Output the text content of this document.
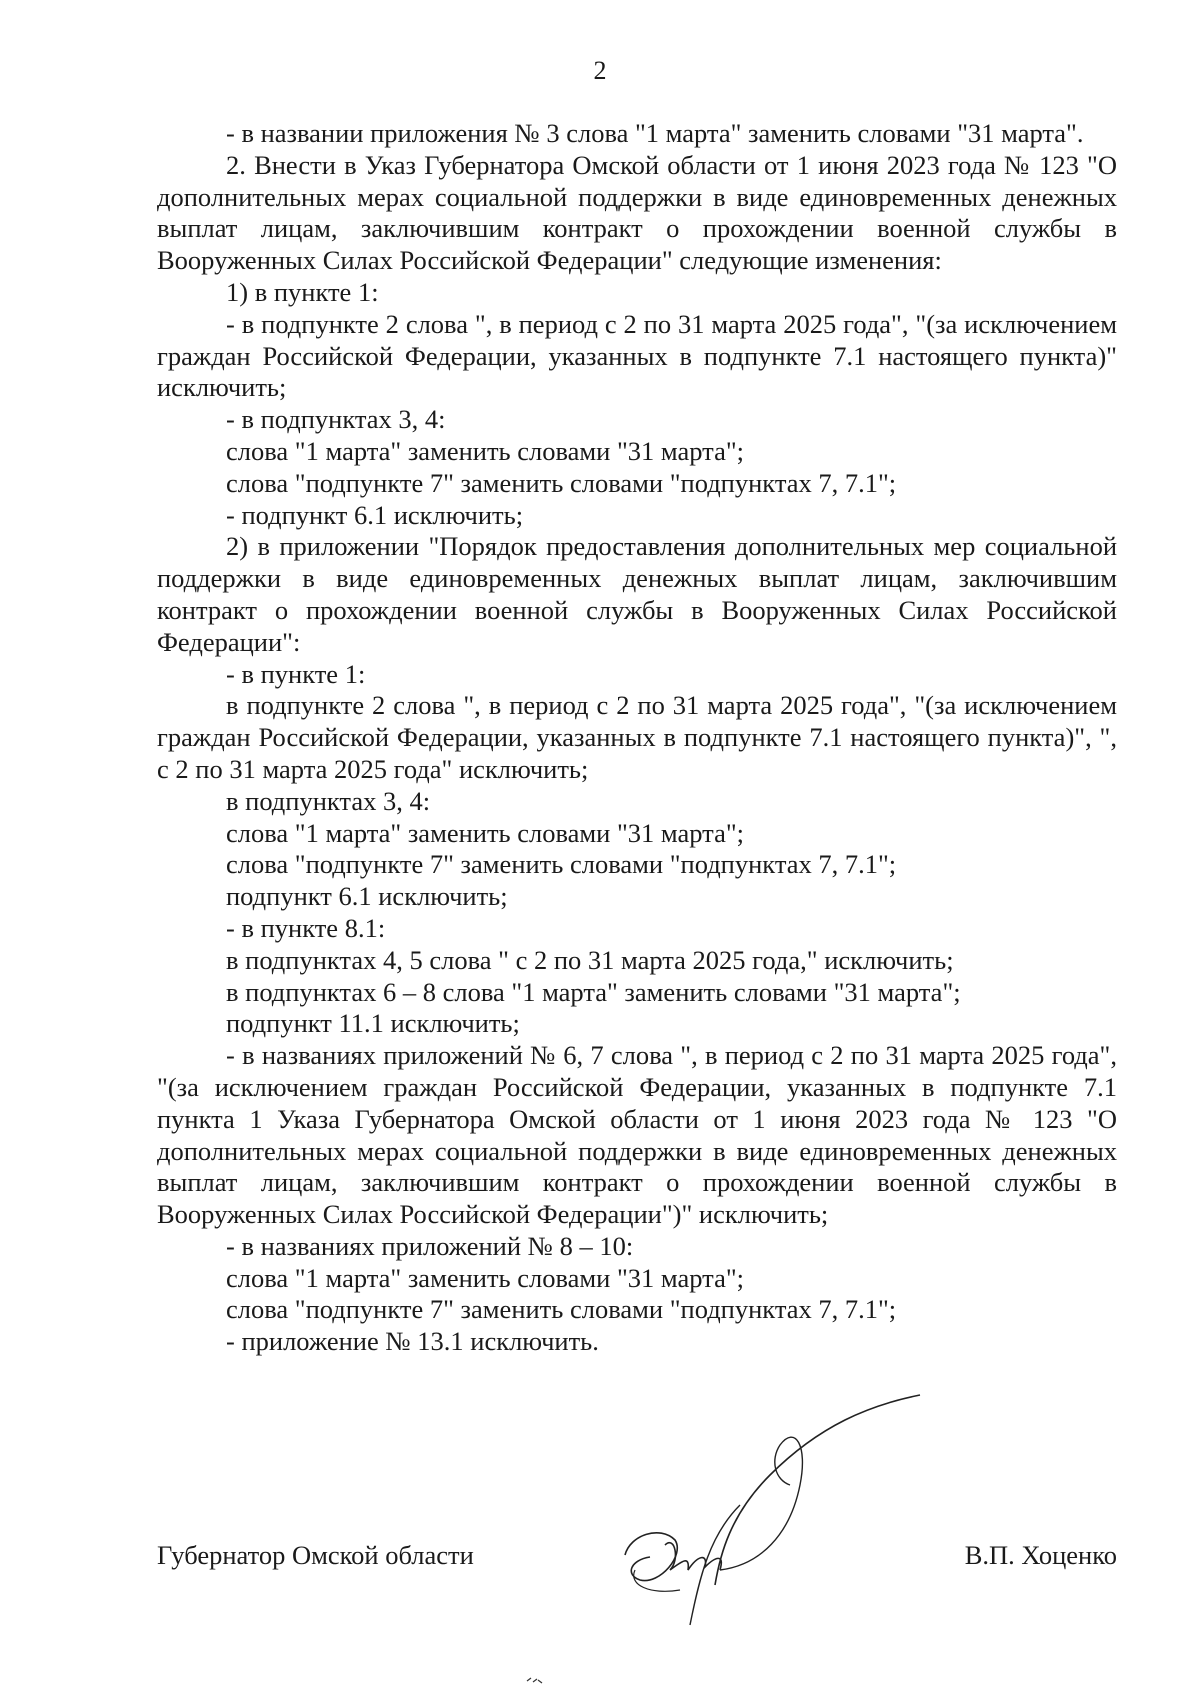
2

- в названии приложения № 3 слова "1 марта" заменить словами "31 марта".

2. Внести в Указ Губернатора Омской области от 1 июня 2023 года № 123 "О дополнительных мерах социальной поддержки в виде единовременных денежных выплат лицам, заключившим контракт о прохождении военной службы в Вооруженных Силах Российской Федерации" следующие изменения:

1) в пункте 1:

- в подпункте 2 слова ", в период с 2 по 31 марта 2025 года", "(за исключением граждан Российской Федерации, указанных в подпункте 7.1 настоящего пункта)" исключить;

- в подпунктах 3, 4:

слова "1 марта" заменить словами "31 марта";

слова "подпункте 7" заменить словами "подпунктах 7, 7.1";

- подпункт 6.1 исключить;

2) в приложении "Порядок предоставления дополнительных мер социальной поддержки в виде единовременных денежных выплат лицам, заключившим контракт о прохождении военной службы в Вооруженных Силах Российской Федерации":

- в пункте 1:

в подпункте 2 слова ", в период с 2 по 31 марта 2025 года", "(за исключением граждан Российской Федерации, указанных в подпункте 7.1 настоящего пункта)", ", с 2 по 31 марта 2025 года" исключить;

в подпунктах 3, 4:

слова "1 марта" заменить словами "31 марта";

слова "подпункте 7" заменить словами "подпунктах 7, 7.1";

подпункт 6.1 исключить;

- в пункте 8.1:

в подпунктах 4, 5 слова " с 2 по 31 марта 2025 года," исключить;

в подпунктах 6 – 8 слова "1 марта" заменить словами "31 марта";

подпункт 11.1 исключить;

- в названиях приложений № 6, 7 слова ", в период с 2 по 31 марта 2025 года", "(за исключением граждан Российской Федерации, указанных в подпункте 7.1 пункта 1 Указа Губернатора Омской области от 1 июня 2023 года № 123 "О дополнительных мерах социальной поддержки в виде единовременных денежных выплат лицам, заключившим контракт о прохождении военной службы в Вооруженных Силах Российской Федерации")" исключить;

- в названиях приложений № 8 – 10:

слова "1 марта" заменить словами "31 марта";

слова "подпункте 7" заменить словами "подпунктах 7, 7.1";

- приложение № 13.1 исключить.

Губернатор Омской области	В.П. Хоценко
